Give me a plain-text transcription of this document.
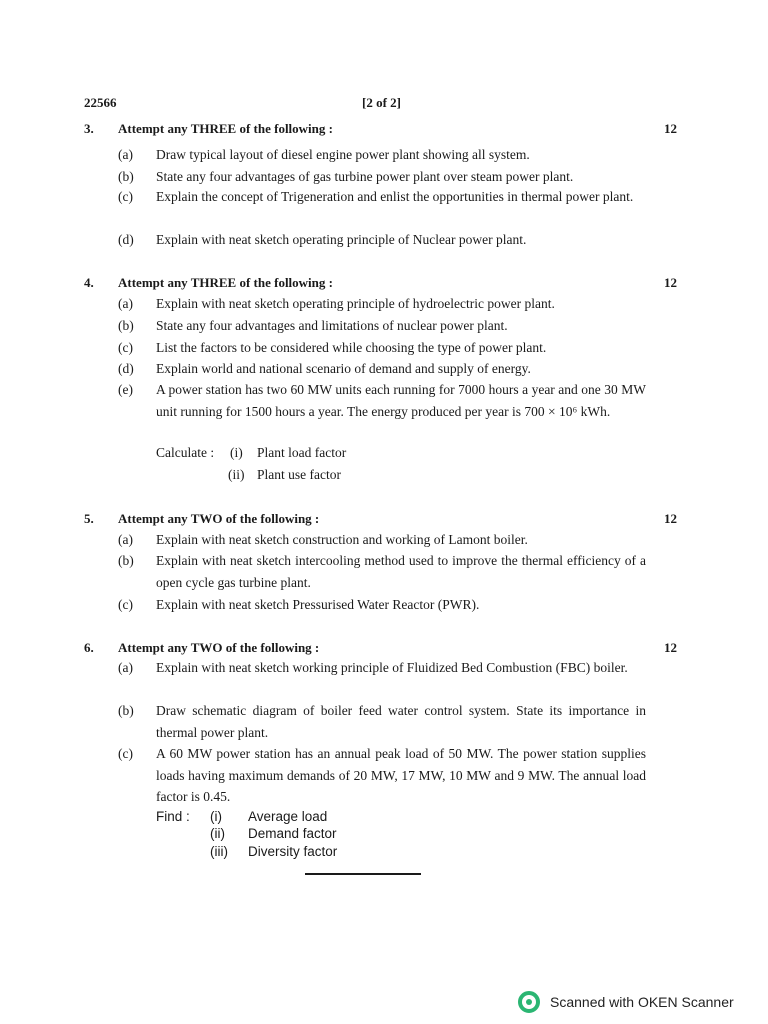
22566	[2 of 2]
3. Attempt any THREE of the following :	12
(a) Draw typical layout of diesel engine power plant showing all system.
(b) State any four advantages of gas turbine power plant over steam power plant.
(c) Explain the concept of Trigeneration and enlist the opportunities in thermal power plant.
(d) Explain with neat sketch operating principle of Nuclear power plant.
4. Attempt any THREE of the following :	12
(a) Explain with neat sketch operating principle of hydroelectric power plant.
(b) State any four advantages and limitations of nuclear power plant.
(c) List the factors to be considered while choosing the type of power plant.
(d) Explain world and national scenario of demand and supply of energy.
(e) A power station has two 60 MW units each running for 7000 hours a year and one 30 MW unit running for 1500 hours a year. The energy produced per year is 700 × 10⁶ kWh.
Calculate : (i) Plant load factor
(ii) Plant use factor
5. Attempt any TWO of the following :	12
(a) Explain with neat sketch construction and working of Lamont boiler.
(b) Explain with neat sketch intercooling method used to improve the thermal efficiency of a open cycle gas turbine plant.
(c) Explain with neat sketch Pressurised Water Reactor (PWR).
6. Attempt any TWO of the following :	12
(a) Explain with neat sketch working principle of Fluidized Bed Combustion (FBC) boiler.
(b) Draw schematic diagram of boiler feed water control system. State its importance in thermal power plant.
(c) A 60 MW power station has an annual peak load of 50 MW. The power station supplies loads having maximum demands of 20 MW, 17 MW, 10 MW and 9 MW. The annual load factor is 0.45.
Find : (i) Average load
(ii) Demand factor
(iii) Diversity factor
Scanned with OKEN Scanner
